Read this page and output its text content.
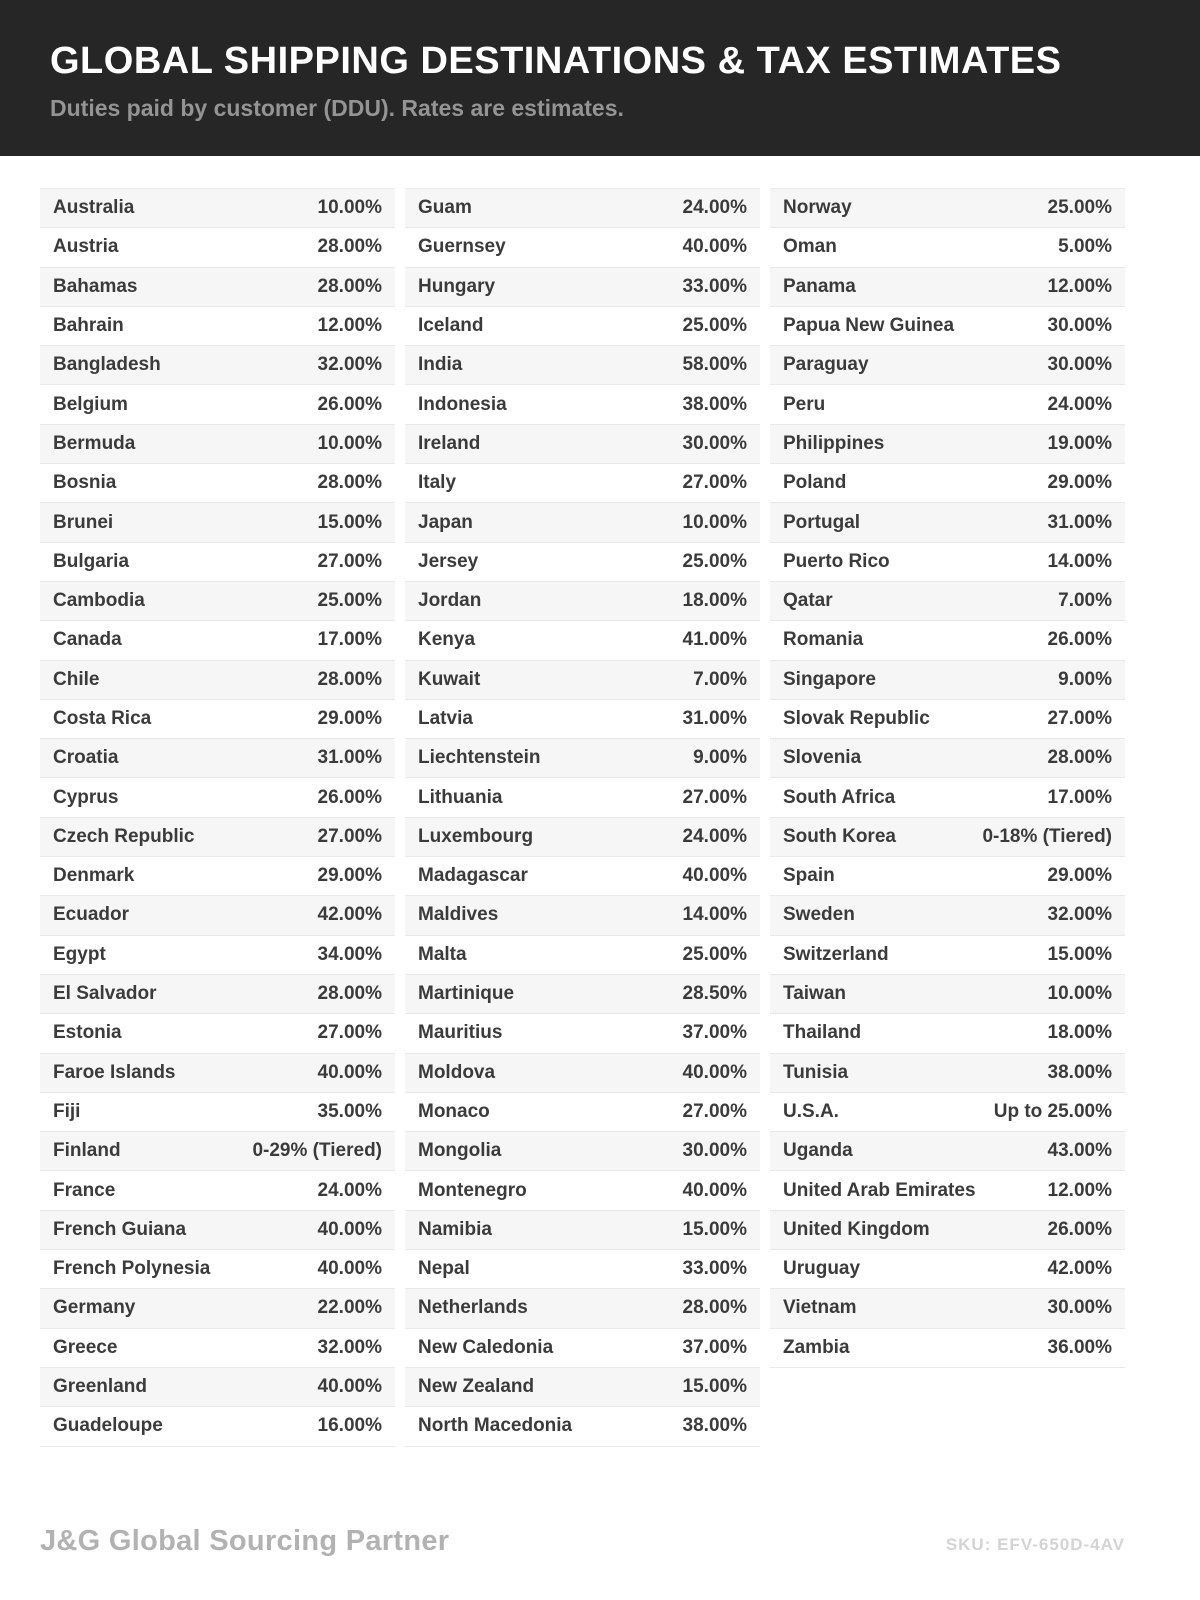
GLOBAL SHIPPING DESTINATIONS & TAX ESTIMATES
Duties paid by customer (DDU). Rates are estimates.
Australia	10.00%
Austria	28.00%
Bahamas	28.00%
Bahrain	12.00%
Bangladesh	32.00%
Belgium	26.00%
Bermuda	10.00%
Bosnia	28.00%
Brunei	15.00%
Bulgaria	27.00%
Cambodia	25.00%
Canada	17.00%
Chile	28.00%
Costa Rica	29.00%
Croatia	31.00%
Cyprus	26.00%
Czech Republic	27.00%
Denmark	29.00%
Ecuador	42.00%
Egypt	34.00%
El Salvador	28.00%
Estonia	27.00%
Faroe Islands	40.00%
Fiji	35.00%
Finland	0-29% (Tiered)
France	24.00%
French Guiana	40.00%
French Polynesia	40.00%
Germany	22.00%
Greece	32.00%
Greenland	40.00%
Guadeloupe	16.00%
Guam	24.00%
Guernsey	40.00%
Hungary	33.00%
Iceland	25.00%
India	58.00%
Indonesia	38.00%
Ireland	30.00%
Italy	27.00%
Japan	10.00%
Jersey	25.00%
Jordan	18.00%
Kenya	41.00%
Kuwait	7.00%
Latvia	31.00%
Liechtenstein	9.00%
Lithuania	27.00%
Luxembourg	24.00%
Madagascar	40.00%
Maldives	14.00%
Malta	25.00%
Martinique	28.50%
Mauritius	37.00%
Moldova	40.00%
Monaco	27.00%
Mongolia	30.00%
Montenegro	40.00%
Namibia	15.00%
Nepal	33.00%
Netherlands	28.00%
New Caledonia	37.00%
New Zealand	15.00%
North Macedonia	38.00%
Norway	25.00%
Oman	5.00%
Panama	12.00%
Papua New Guinea	30.00%
Paraguay	30.00%
Peru	24.00%
Philippines	19.00%
Poland	29.00%
Portugal	31.00%
Puerto Rico	14.00%
Qatar	7.00%
Romania	26.00%
Singapore	9.00%
Slovak Republic	27.00%
Slovenia	28.00%
South Africa	17.00%
South Korea	0-18% (Tiered)
Spain	29.00%
Sweden	32.00%
Switzerland	15.00%
Taiwan	10.00%
Thailand	18.00%
Tunisia	38.00%
U.S.A.	Up to 25.00%
Uganda	43.00%
United Arab Emirates	12.00%
United Kingdom	26.00%
Uruguay	42.00%
Vietnam	30.00%
Zambia	36.00%
J&G Global Sourcing Partner	SKU: EFV-650D-4AV
